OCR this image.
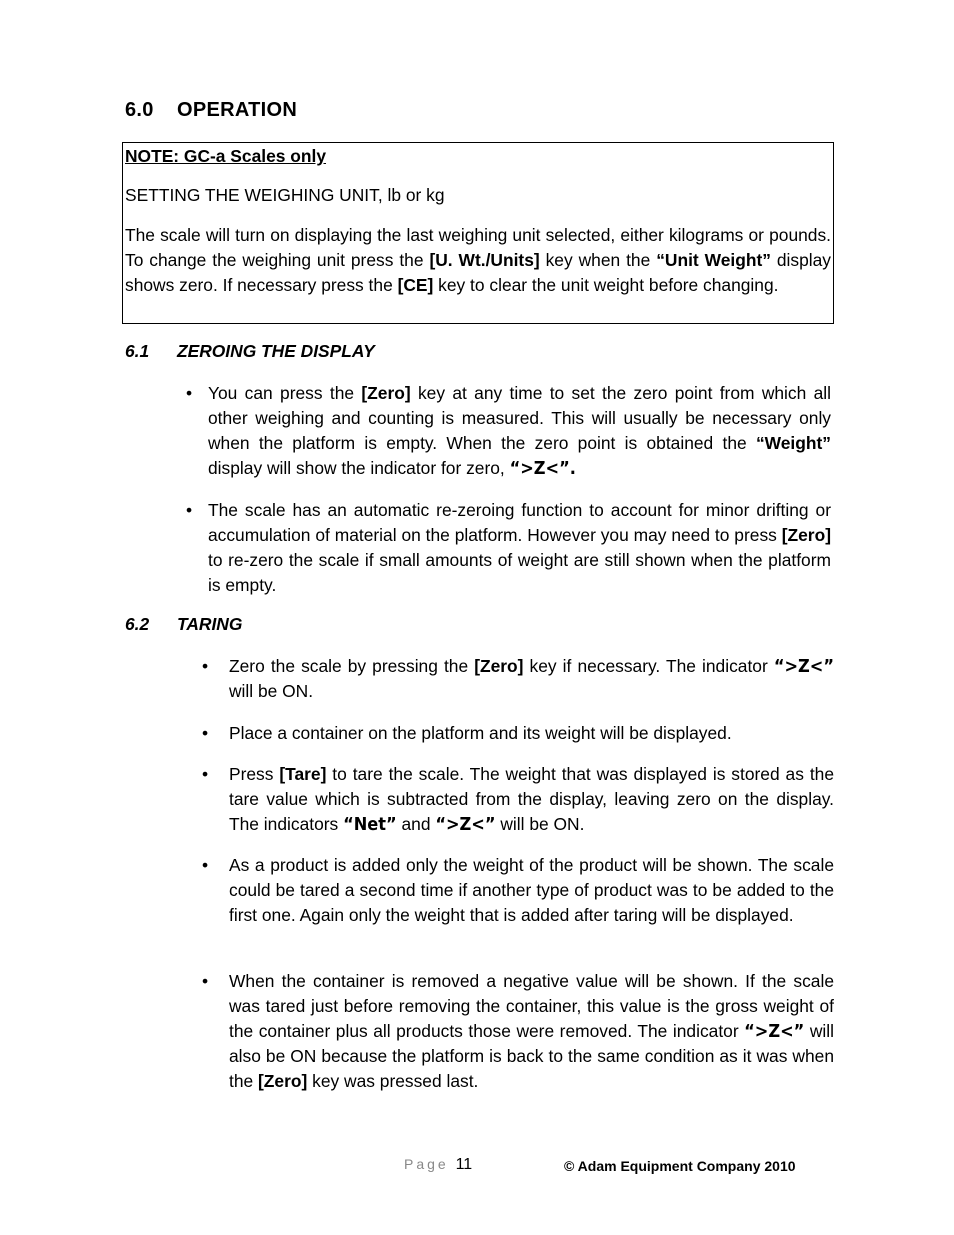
6.0 OPERATION
NOTE: GC-a Scales only
SETTING THE WEIGHING UNIT, lb or kg
The scale will turn on displaying the last weighing unit selected, either kilograms or pounds. To change the weighing unit press the [U. Wt./Units] key when the “Unit Weight” display shows zero. If necessary press the [CE] key to clear the unit weight before changing.
6.1 ZEROING THE DISPLAY
• You can press the [Zero] key at any time to set the zero point from which all other weighing and counting is measured. This will usually be necessary only when the platform is empty. When the zero point is obtained the “Weight” display will show the indicator for zero, “>Z<”.
• The scale has an automatic re-zeroing function to account for minor drifting or accumulation of material on the platform. However you may need to press [Zero] to re-zero the scale if small amounts of weight are still shown when the platform is empty.
6.2 TARING
• Zero the scale by pressing the [Zero] key if necessary. The indicator “>Z<” will be ON.
• Place a container on the platform and its weight will be displayed.
• Press [Tare] to tare the scale. The weight that was displayed is stored as the tare value which is subtracted from the display, leaving zero on the display. The indicators “Net” and “>Z<” will be ON.
• As a product is added only the weight of the product will be shown. The scale could be tared a second time if another type of product was to be added to the first one. Again only the weight that is added after taring will be displayed.
• When the container is removed a negative value will be shown. If the scale was tared just before removing the container, this value is the gross weight of the container plus all products those were removed. The indicator “>Z<” will also be ON because the platform is back to the same condition as it was when the [Zero] key was pressed last.
Page 11	© Adam Equipment Company 2010
